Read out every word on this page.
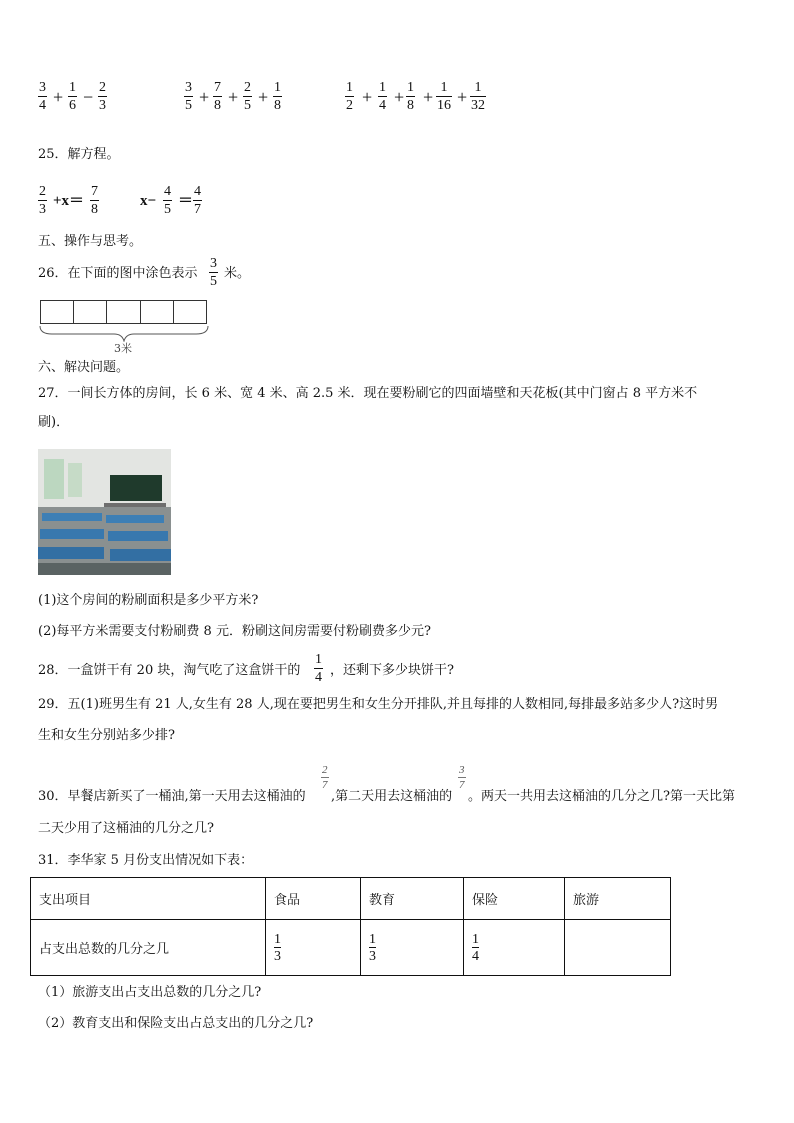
$\frac{3}{4} + \frac{1}{6} - \frac{2}{3}$	$\frac{3}{5} + \frac{7}{8} + \frac{2}{5} + \frac{1}{8}$	$\frac{1}{2} + \frac{1}{4} + \frac{1}{8} + \frac{1}{16} + \frac{1}{32}$
25．解方程。
$\frac{2}{3} +x= \frac{7}{8}$	$x- \frac{4}{5} = \frac{4}{7}$
五、操作与思考。
26．在下面的图中涂色表示 $\frac{3}{5}$ 米。
3米
六、解决问题。
27．一间长方体的房间，长 6 米、宽 4 米、高 2.5 米．现在要粉刷它的四面墙壁和天花板(其中门窗占 8 平方米不
刷)．
(1)这个房间的粉刷面积是多少平方米?
(2)每平方米需要支付粉刷费 8 元．粉刷这间房需要付粉刷费多少元?
28．一盒饼干有 20 块，淘气吃了这盒饼干的 $\frac{1}{4}$ ，还剩下多少块饼干?
29．五(1)班男生有 21 人,女生有 28 人,现在要把男生和女生分开排队,并且每排的人数相同,每排最多站多少人?这时男
生和女生分别站多少排?
30．早餐店新买了一桶油,第一天用去这桶油的
$\frac{2}{7}$
,第二天用去这桶油的
$\frac{3}{7}$
。两天一共用去这桶油的几分之几?第一天比第
二天少用了这桶油的几分之几?
31．李华家 5 月份支出情况如下表：
支出项目	食品	教育	保险	旅游
占支出总数的几分之几	$\frac{1}{3}$	$\frac{1}{3}$	$\frac{1}{4}$

（1）旅游支出占支出总数的几分之几?
（2）教育支出和保险支出占总支出的几分之几?
